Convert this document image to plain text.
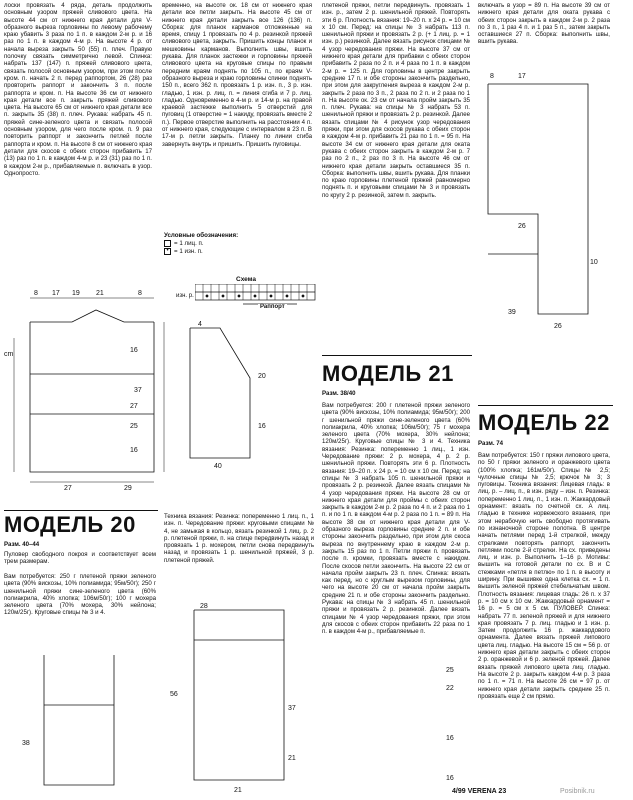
лоски провязать 4 ряда, деталь продолжить основным узором пряжей сливового цвета. На высоте 44 см от нижнего края детали для V-образного выреза горловины по левому рабочему краю убавить 3 раза по 1 п. в каждом 2-м р. и 16 раз по 1 п. в каждом 4-м р. На высоте 4 р. от начала выреза закрыть 50 (55) п. плеч. Правую полочку связать симметрично левой. Спинка: набрать 137 (147) п. пряжей сливового цвета, связать полосой основным узором, при этом после кром. п. начать 2 п. перед раппортом, 26 (28) раз провторить раппорт и закончить 3 п. после раппорта и кром. п. На высоте 36 см от нижнего края детали все п. закрыть пряжей сливового цвета. На высоте 65 см от нижнего края детали все п. закрыть 35 (38) п. плеч. Рукава: набрать 45 п. пряжей сине-зеленого цвета и связать полосой основным узором, для чего после кром. п. 9 раз повторить раппорт и закончить петлей после раппорта и кром. п. На высоте 8 см от нижнего края детали для скосов с обеих сторон прибавить 17 (13) раз по 1 п. в каждом 4-м р. и 23 (31) раз по 1 п. в каждом 2-м р., прибавляемые п. включать в узор. Однопросто.
временно, на высоте ок. 18 см от нижнего края детали все петли закрыть. На высоте 45 см от нижнего края детали закрыть все 126 (136) п. Сборка: для планок карманов отложенные на время, спицу 1 провязать по 4 р. резинкой пряжей сливового цвета, закрыть. Пришить концы планок и мешковины карманов. Выполнить швы, вшить рукава. Для планок застежки и горловины пряжей сливового цвета на круговые спицы по правым передним краям поднять по 105 п., по краям V-образного выреза и краю горловины спинки поднять 150 п., всего 362 п. провязать 1 р. изн. п., 3 р. изн. гладью, 1 изн. р. лиц. п. = линия сгиба и 7 р. лиц. гладью. Одновременно в 4-м р. и 14-м р. на правой краевой застежке выполнить 5 отверстий для пуговиц (1 отверстие = 1 накиду, провязать вместе 2 п.). Первое отверстие выполнить на расстоянии 4 п. от нижнего края, следующие с интервалом в 23 п. В 17-м р. петли закрыть. Планку по линии сгиба завернуть внутрь и пришить. Пришить пуговицы.
Условные обозначения:
= 1 лиц. п.
• = 1 изн. п.
Схема
изн. р.
Раппорт
8 17 19 21	8
cm
16
37
27
25
16
27	29
4
20
16
40
плетеной пряжи, петли передвинуть. провязать 1 изн. р., затем 2 р. шенильной пряжей. Повторять эти 6 р. Плотность вязания: 19–20 п. x 24 р. = 10 см x 10 см. Перед: на спицы № 3 набрать 113 п. шенильной пряжи и провязать 2 р. (+ 1 лиц. р. = 1 изн. р.) резинкой. Далее вязать рисунок спицами № 4 узор чередования пряжи. На высоте 37 см от нижнего края детали для прибавки с обеих сторон прибавить 2 раза по 2 п. и 4 раза по 1 п. в каждом 2-м р. = 125 п. Для горловины в центре закрыть средние 17 п. и обе стороны закончить раздельно, при этом для закругления выреза в каждом 2-м р. закрыть 2 раза по 3 п., 2 раза по 2 п. и 2 раза по 1 п. На высоте ок. 23 см от начала пройм закрыть 35 п. плеч. Рукава: на спицы № 3 набрать 53 п. шенильной пряжи и провязать 2 р. резинкой. Далее вязать спицами № 4 рисунок узор чередования пряжи, при этом для скосов рукава с обеих сторон в каждом 4-м р. прибавить 21 раз по 1 п. = 95 п. На высоте 34 см от нижнего края детали для оката рукава с обеих сторон закрыть в каждом 2-м р. 7 раз по 2 п., 2 раз по 3 п. На высоте 46 см от нижнего края детали закрыть оставшиеся 35 п. Сборка: выполнить швы, вшить рукава. Для планки по краю горловины плетеной пряжей равномерно поднять п. и круговыми спицами № 3 и провязать по кругу 2 р. резинкой, затем п. закрыть.
включать в узор = 89 п. На высоте 39 см от нижнего края детали для оката рукава с обеих сторон закрыть в каждом 2-м р. 2 раза по 3 п., 1 раз 4 п. и 1 раз 5 п., затем закрыть оставшиеся 27 п. Сборка: выполнить швы, вшить рукава.
8	17
26
39
10
26
МОДЕЛЬ 21
Разм. 38/40
Вам потребуется: 200 г плетеной пряжи зеленого цвета (90% вискозы, 10% полиамида; 95м/50г); 200 г шенильной пряжи сине-зеленого цвета (60% полиакрила, 40% хлопка; 106м/50г); 75 г мохера зеленого цвета (70% мохера, 30% нейлона; 120м/25г). Круговые спицы № 3 и 4. Техника вязания: Резинка: попеременно 1 лиц., 1 изн. Чередование пряжи: 2 р. мохера, 4 р. 2 р. шенильной пряжи. Повторять эти 6 р. Плотность вязания: 19–20 п. x 24 р. = 10 см x 10 см. Перед: на спицы № 3 набрать 105 п. шенильной пряжи и провязать 2 р. резинкой. Далее вязать спицами № 4 узор чередования пряжи. На высоте 28 см от нижнего края детали для проймы с обеих сторон закрыть в каждом 2-м р. 2 раза по 4 п. и 2 раза по 1 п. и по 1 п. в каждом 4-м р. 2 раза по 1 п. = 89 п. На высоте 38 см от нижнего края детали для V-образного выреза горловины средние 2 п. и обе стороны закончить раздельно, при этом для скоса выреза по внутреннему краю в каждом 2-м р. закрыть 15 раз по 1 п. Петли пряжи п. провязать после п. кромки, провязать вместе с накидом. После скосов петли закончить. На высоте 22 см от начала пройм закрыть 23 п. плеч. Спинка: вязать как перед, но с круглым вырезом горловины, для чего на высоте 20 см от начала пройм закрыть средние 21 п. и обе стороны закончить раздельно. Рукава: на спицы № 3 набрать 45 п. шенильной пряжи и провязать 2 р. резинкой. Далее вязать спицами № 4 узор чередования пряжи, при этом для скосов с обеих сторон прибавить 22 раза по 1 п. в каждом 4-м р., прибавляемые п.
МОДЕЛЬ 22
Разм. 74
Вам потребуется: 150 г пряжи липового цвета, по 50 г пряжи зеленого и оранжевого цвета (100% хлопка; 161м/50г). Спицы № 2,5; чулочные спицы № 2,5; крючок № 3; 3 пуговицы. Техника вязания: Лицевая гладь: в лиц. р. – лиц. п., в изн. ряду – изн. п. Резинка: попеременно 1 лиц. п., 1 изн. п. Жаккардовый орнамент: вязать по счетной сх. А лиц. гладью в технике норвежского вязания, при этом нерабочую нить свободно протягивать по изнаночной стороне полотна. В центре начать петлями перед 1-й стрелкой, между стрелками повторять раппорт, закончить петлями после 2-й стрелки. На сх. приведены лиц. и изн. р. Выполнить 1–16 р. Мотивы: вышить на готовой детали по сх. В и С стежками «петля в петлю» по 1 п. в высоту и ширину. При вышивке одна клетка сх. = 1 п. вышить зеленой пряжей стебельчатым швом. Плотность вязания: лицевая гладь: 26 п. x 37 р. = 10 см x 10 см. Жаккардовый орнамент = 16 р. = 5 см x 5 см. ПУЛОВЕР. Спинка: набрать 77 п. зеленой пряжей и для нижнего края провязать 7 р. лиц. гладью и 1 изн. р. Затем продолжить 16 р. жаккардового орнамента. Далее вязать пряжей липового цвета лиц. гладью. На высоте 15 см = 56 р. от нижнего края детали закрыть с обеих сторон 2 р. оранжевой и 6 р. зеленой пряжей. Далее вязать пряжей липового цвета лиц. гладью. На высоте 2 р. закрыть каждом 4-м р. 3 раза по 1 п. = 71 п. На высоте 26 см = 97 р. от нижнего края детали закрыть средние 25 п. провязать еще 2 см прямо.
МОДЕЛЬ 20
Разм. 40–44
Пуловер свободного покроя и соответствует всем трем размерам.
Вам потребуется: 250 г плетеной пряжи зеленого цвета (90% вискозы, 10% полиамида; 95м/50г); 250 г шенильной пряжи сине-зеленого цвета (60% полиакрила, 40% хлопка; 106м/50г); 100 г мохера зеленого цвета (70% мохера, 30% нейлона; 120м/25г). Круговые спицы № 3 и 4.
Техника вязания: Резинка: попеременно 1 лиц. п., 1 изн. п. Чередование пряжи: круговыми спицами № 4, не замыкая в кольцо, вязать резинкой 1 лиц. р. 2 р. плетеной пряжи, п. на спице передвинуть назад и провязать 1 р. мохером, петли снова передвинуть назад и провязать 1 р. шенильной пряжей, 3 р. плетеной пряжей.
38
28
56
37
21
21
22
16
16
25
4/99 VERENA 23	Posibnik.ru
